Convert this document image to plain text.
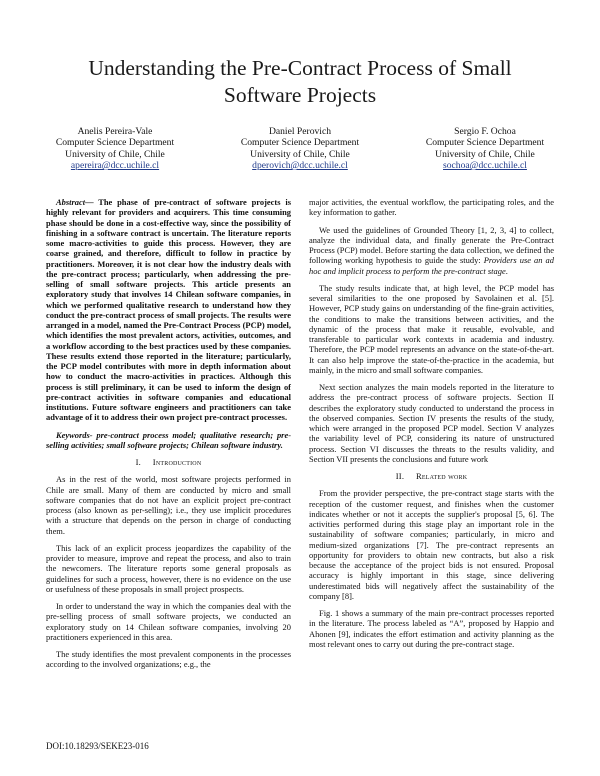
Understanding the Pre-Contract Process of Small
Software Projects
Anelis Pereira-Vale
Computer Science Department
University of Chile, Chile
apereira@dcc.uchile.cl
Daniel Perovich
Computer Science Department
University of Chile, Chile
dperovich@dcc.uchile.cl
Sergio F. Ochoa
Computer Science Department
University of Chile, Chile
sochoa@dcc.uchile.cl

Abstract— The phase of pre-contract of software projects is highly relevant for providers and acquirers. This time consuming phase should be done in a cost-effective way, since the possibility of finishing in a software contract is uncertain. The literature reports some macro-activities to guide this process. However, they are coarse grained, and therefore, difficult to follow in practice by practitioners. Moreover, it is not clear how the industry deals with the pre-contract process; particularly, when addressing the pre-selling of small software projects. This article presents an exploratory study that involves 14 Chilean software companies, in which we performed qualitative research to understand how they conduct the pre-contract process of small projects. The results were arranged in a model, named the Pre-Contract Process (PCP) model, which identifies the most prevalent actors, activities, outcomes, and a workflow according to the best practices used by these companies. These results extend those reported in the literature; particularly, the PCP model contributes with more in depth information about how to conduct the macro-activities in practices. Although this process is still preliminary, it can be used to inform the design of pre-contract activities in software companies and educational institutions. Future software engineers and practitioners can take advantage of it to address their own project pre-contract processes.

Keywords- pre-contract process model; qualitative research; pre-selling activities; small software projects; Chilean software industry.

I. Introduction

As in the rest of the world, most software projects performed in Chile are small. Many of them are conducted by micro and small software companies that do not have an explicit project pre-contract process (also known as per-selling); i.e., they use implicit procedures with a structure that depends on the person in charge of conducting them.

This lack of an explicit process jeopardizes the capability of the provider to measure, improve and repeat the process, and also to train the newcomers. The literature reports some general proposals as guidelines for such a process, however, there is no evidence on the use or usefulness of these proposals in small project prospects.

In order to understand the way in which the companies deal with the pre-selling process of small software projects, we conducted an exploratory study on 14 Chilean software companies, involving 20 practitioners experienced in this area.

The study identifies the most prevalent components in the processes according to the involved organizations; e.g., the

major activities, the eventual workflow, the participating roles, and the key information to gather.

We used the guidelines of Grounded Theory [1, 2, 3, 4] to collect, analyze the individual data, and finally generate the Pre-Contract Process (PCP) model. Before starting the data collection, we defined the following working hypothesis to guide the study: Providers use an ad hoc and implicit process to perform the pre-contract stage.

The study results indicate that, at high level, the PCP model has several similarities to the one proposed by Savolainen et al. [5]. However, PCP study gains on understanding of the fine-grain activities, the conditions to make the transitions between activities, and the dynamic of the process that make it reusable, evolvable, and transferable to particular work contexts in academia and industry. Therefore, the PCP model represents an advance on the state-of-the-art. It can also help improve the state-of-the-practice in the academia, but mainly, in the micro and small software companies.

Next section analyzes the main models reported in the literature to address the pre-contract process of software projects. Section II describes the exploratory study conducted to understand the process in the observed companies. Section IV presents the results of the study, which were arranged in the proposed PCP model. Section V analyzes the variability level of PCP, considering its nature of unstructured process. Section VI discusses the threats to the results validity, and Section VII presents the conclusions and future work

II. Related work

From the provider perspective, the pre-contract stage starts with the reception of the customer request, and finishes when the customer indicates whether or not it accepts the supplier's proposal [5, 6]. The activities performed during this stage play an important role in the sustainability of software companies; particularly, in micro and medium-sized organizations [7]. The pre-contract represents an opportunity for providers to obtain new contracts, but also a risk because the acceptance of the project bids is not ensured. Proposal accuracy is highly important in this stage, since delivering underestimated bids will negatively affect the sustainability of the company [8].

Fig. 1 shows a summary of the main pre-contract processes reported in the literature. The process labeled as “A”, proposed by Happio and Ahonen [9], indicates the effort estimation and activity planning as the most relevant ones to carry out during the pre-contract stage.

DOI:10.18293/SEKE23-016
